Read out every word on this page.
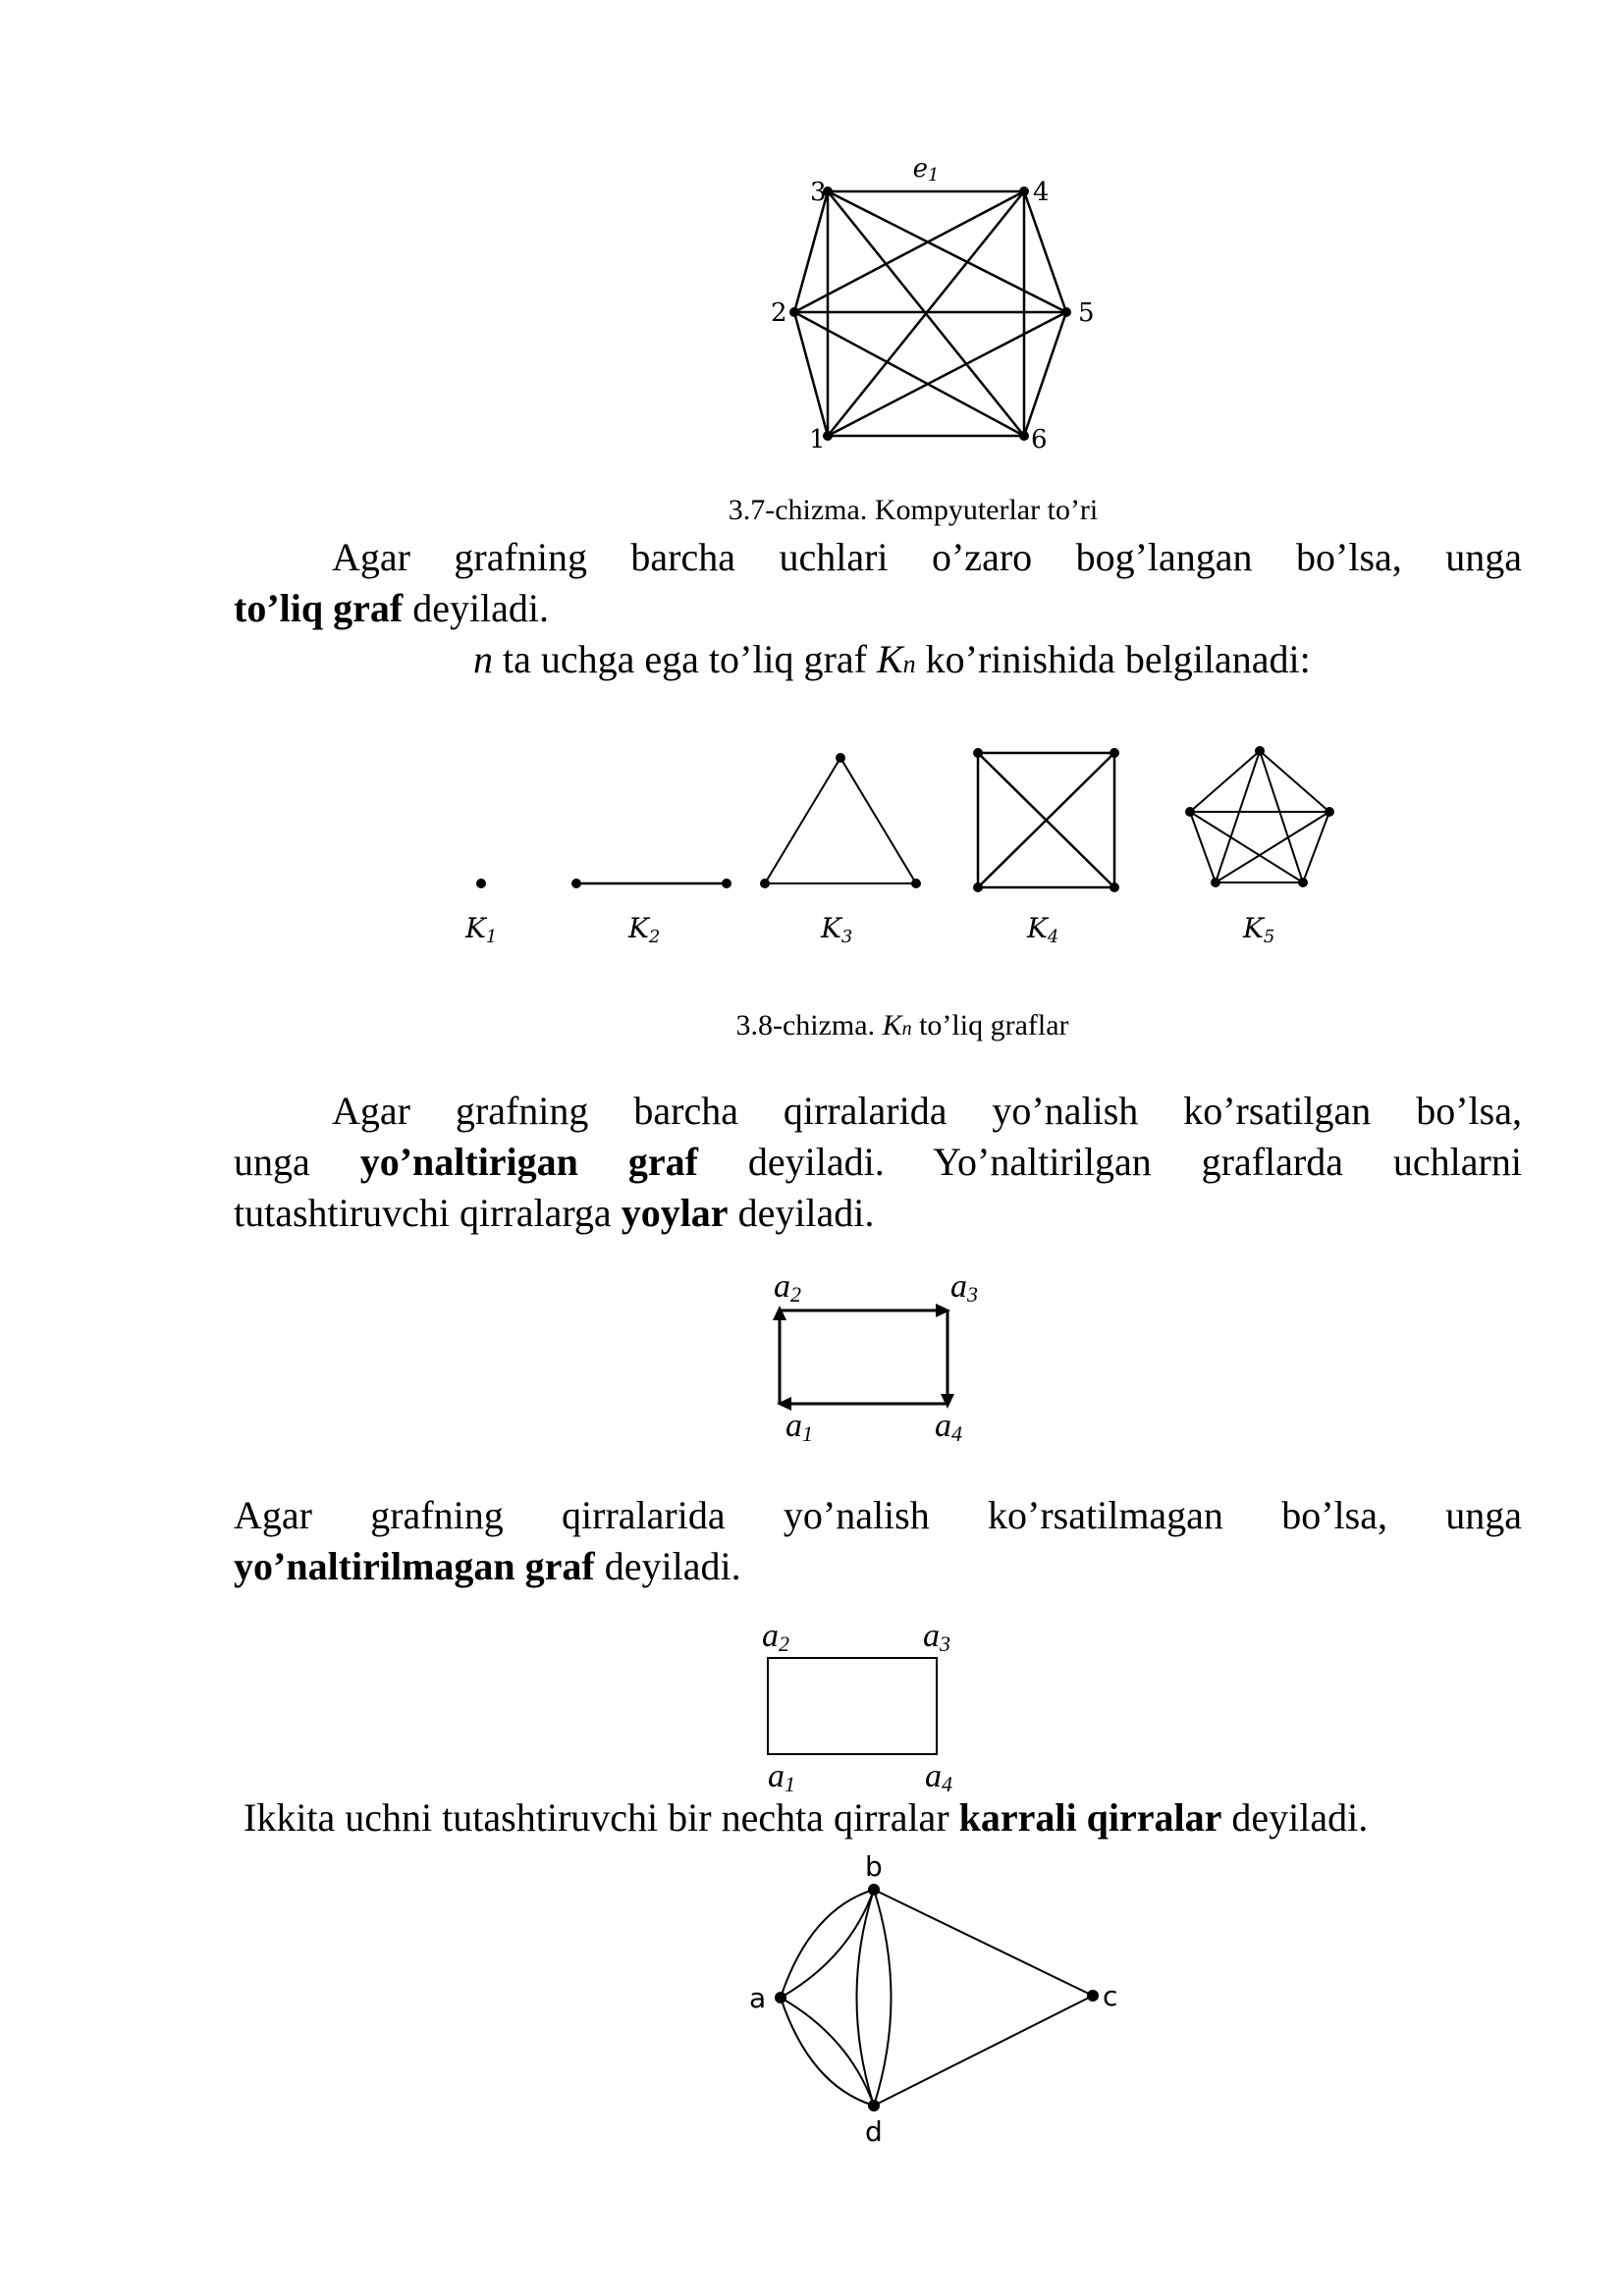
e1
3	4
2	5
1	6
3.7-chizma. Kompyuterlar to’ri
Agar grafning barcha uchlari o’zaro bog’langan bo’lsa, unga
to’liq graf deyiladi.
n ta uchga ega to’liq graf Kn ko’rinishida belgilanadi:
K1	K2	K3	K4	K5
3.8-chizma. Kn to’liq graflar
Agar grafning barcha qirralarida yo’nalish ko’rsatilgan bo’lsa,
unga yo’naltirigan graf deyiladi. Yo’naltirilgan graflarda uchlarni
tutashtiruvchi qirralarga yoylar deyiladi.
a2	a3
a1	a4
Agar grafning qirralarida yo’nalish ko’rsatilmagan bo’lsa, unga
yo’naltirilmagan graf deyiladi.
a2	a3
a1	a4
Ikkita uchni tutashtiruvchi bir nechta qirralar karrali qirralar deyiladi.
b
a	c
d
